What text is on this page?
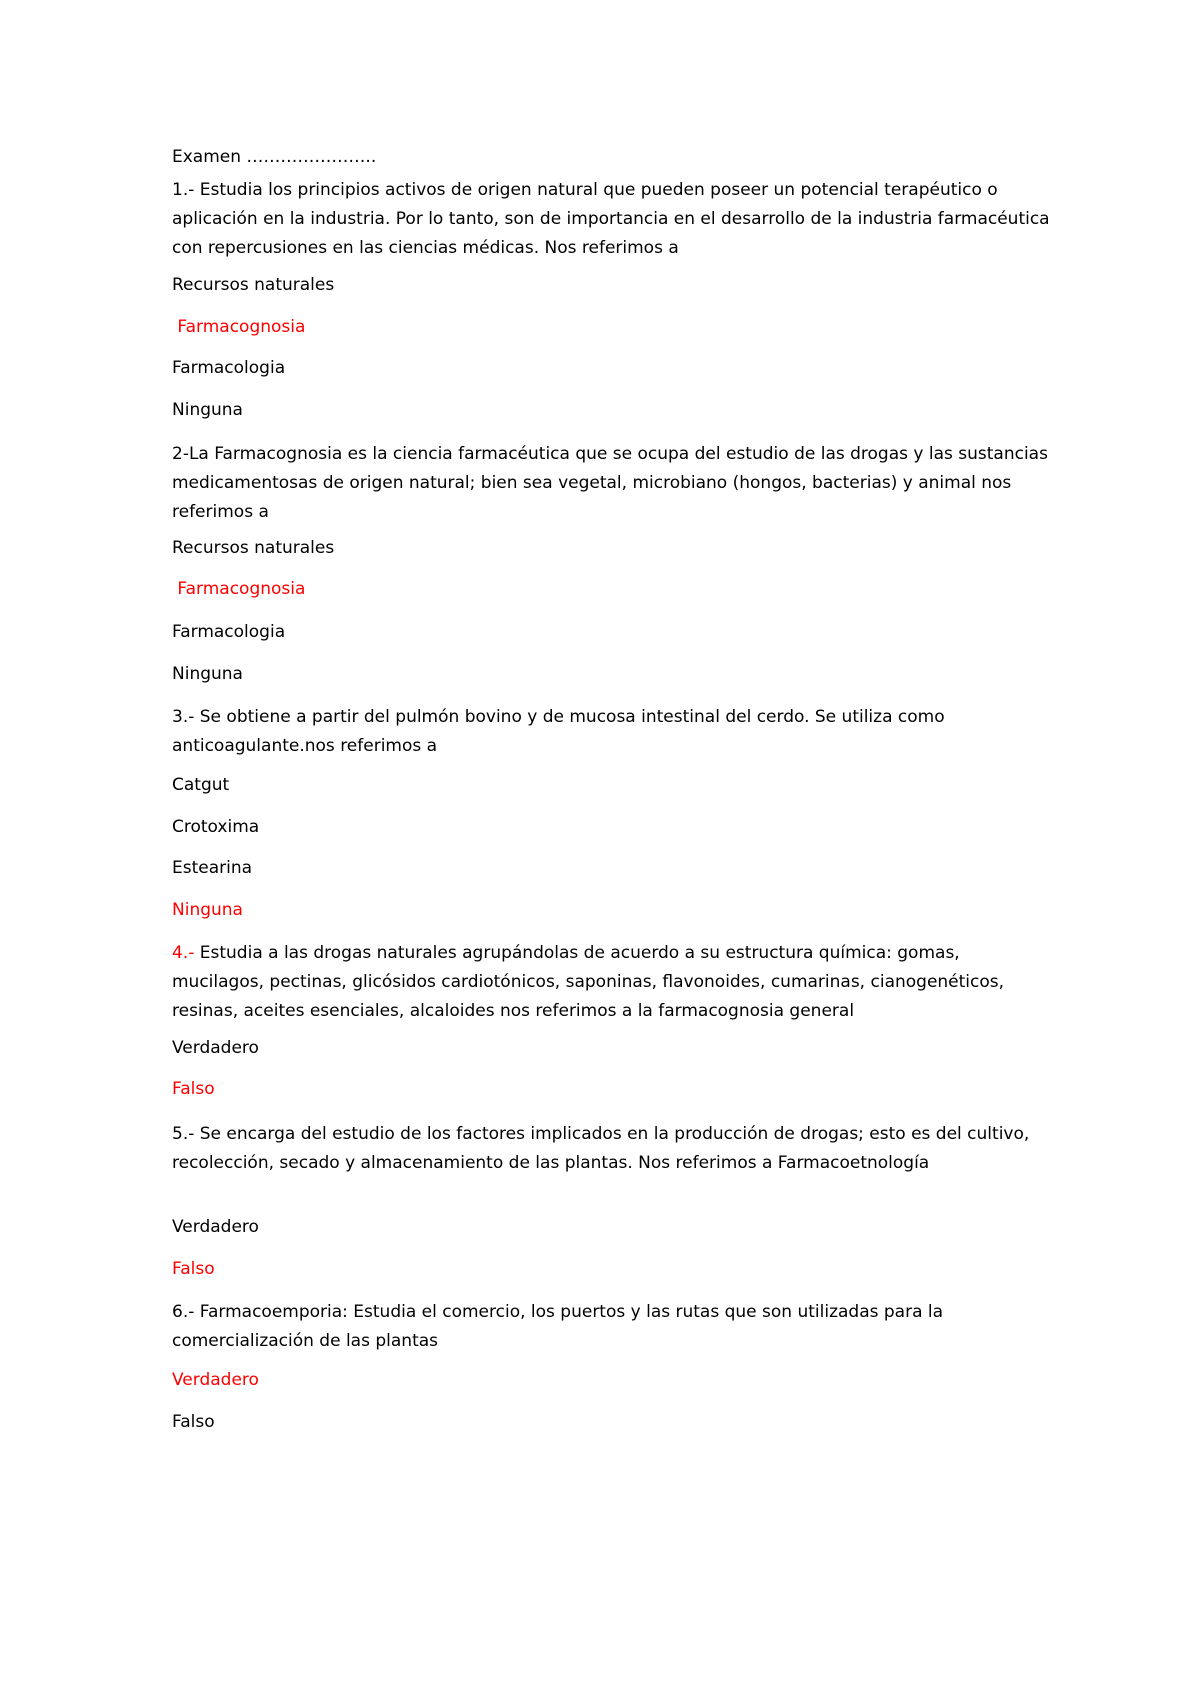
Examen …………………..
1.- Estudia los principios activos de origen natural que pueden poseer un potencial terapéutico o aplicación en la industria. Por lo tanto, son de importancia en el desarrollo de la industria farmacéutica con repercusiones en las ciencias médicas. Nos referimos a
Recursos naturales
Farmacognosia
Farmacologia
Ninguna
2-La Farmacognosia es la ciencia farmacéutica que se ocupa del estudio de las drogas y las sustancias medicamentosas de origen natural; bien sea vegetal, microbiano (hongos, bacterias) y animal nos referimos a
Recursos naturales
Farmacognosia
Farmacologia
Ninguna
3.- Se obtiene a partir del pulmón bovino y de mucosa intestinal del cerdo. Se utiliza como anticoagulante.nos referimos a
Catgut
Crotoxima
Estearina
Ninguna
4.- Estudia a las drogas naturales agrupándolas de acuerdo a su estructura química: gomas, mucilagos, pectinas, glicósidos cardiotónicos, saponinas, flavonoides, cumarinas, cianogenéticos, resinas, aceites esenciales, alcaloides nos referimos a la farmacognosia general
Verdadero
Falso
5.- Se encarga del estudio de los factores implicados en la producción de drogas; esto es del cultivo, recolección, secado y almacenamiento de las plantas. Nos referimos a Farmacoetnología
Verdadero
Falso
6.- Farmacoemporia: Estudia el comercio, los puertos y las rutas que son utilizadas para la comercialización de las plantas
Verdadero
Falso
